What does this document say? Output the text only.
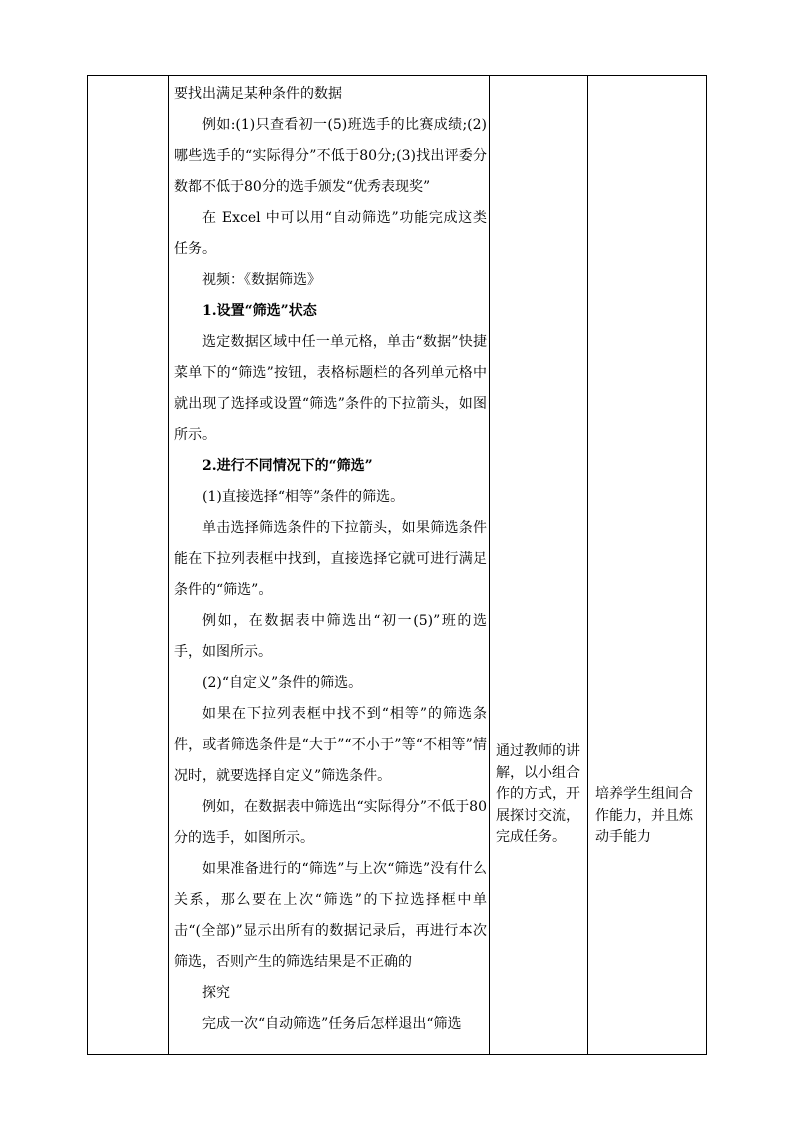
要找出满足某种条件的数据

例如:(1)只查看初一(5)班选手的比赛成绩;(2)哪些选手的“实际得分”不低于80分;(3)找出评委分数都不低于80分的选手颁发“优秀表现奖”

在 Excel 中可以用“自动筛选”功能完成这类任务。

视频：《数据筛选》

1.设置“筛选”状态

选定数据区域中任一单元格，单击“数据”快捷菜单下的“筛选”按钮，表格标题栏的各列单元格中就出现了选择或设置“筛选”条件的下拉箭头，如图所示。

2.进行不同情况下的“筛选”

(1)直接选择“相等”条件的筛选。

单击选择筛选条件的下拉箭头，如果筛选条件能在下拉列表框中找到，直接选择它就可进行满足条件的“筛选”。

例如，在数据表中筛选出“初一(5)”班的选手，如图所示。

(2)“自定义”条件的筛选。

如果在下拉列表框中找不到“相等”的筛选条件，或者筛选条件是“大于”“不小于”等“不相等”情况时，就要选择自定义”筛选条件。

例如，在数据表中筛选出“实际得分”不低于80分的选手，如图所示。

如果准备进行的“筛选”与上次“筛选”没有什么关系，那么要在上次“筛选”的下拉选择框中单击“(全部)”显示出所有的数据记录后，再进行本次筛选，否则产生的筛选结果是不正确的

探究

完成一次“自动筛选”任务后怎样退出“筛选

通过教师的讲解，以小组合作的方式，开展探讨交流，完成任务。

培养学生组间合作能力，并且炼动手能力
